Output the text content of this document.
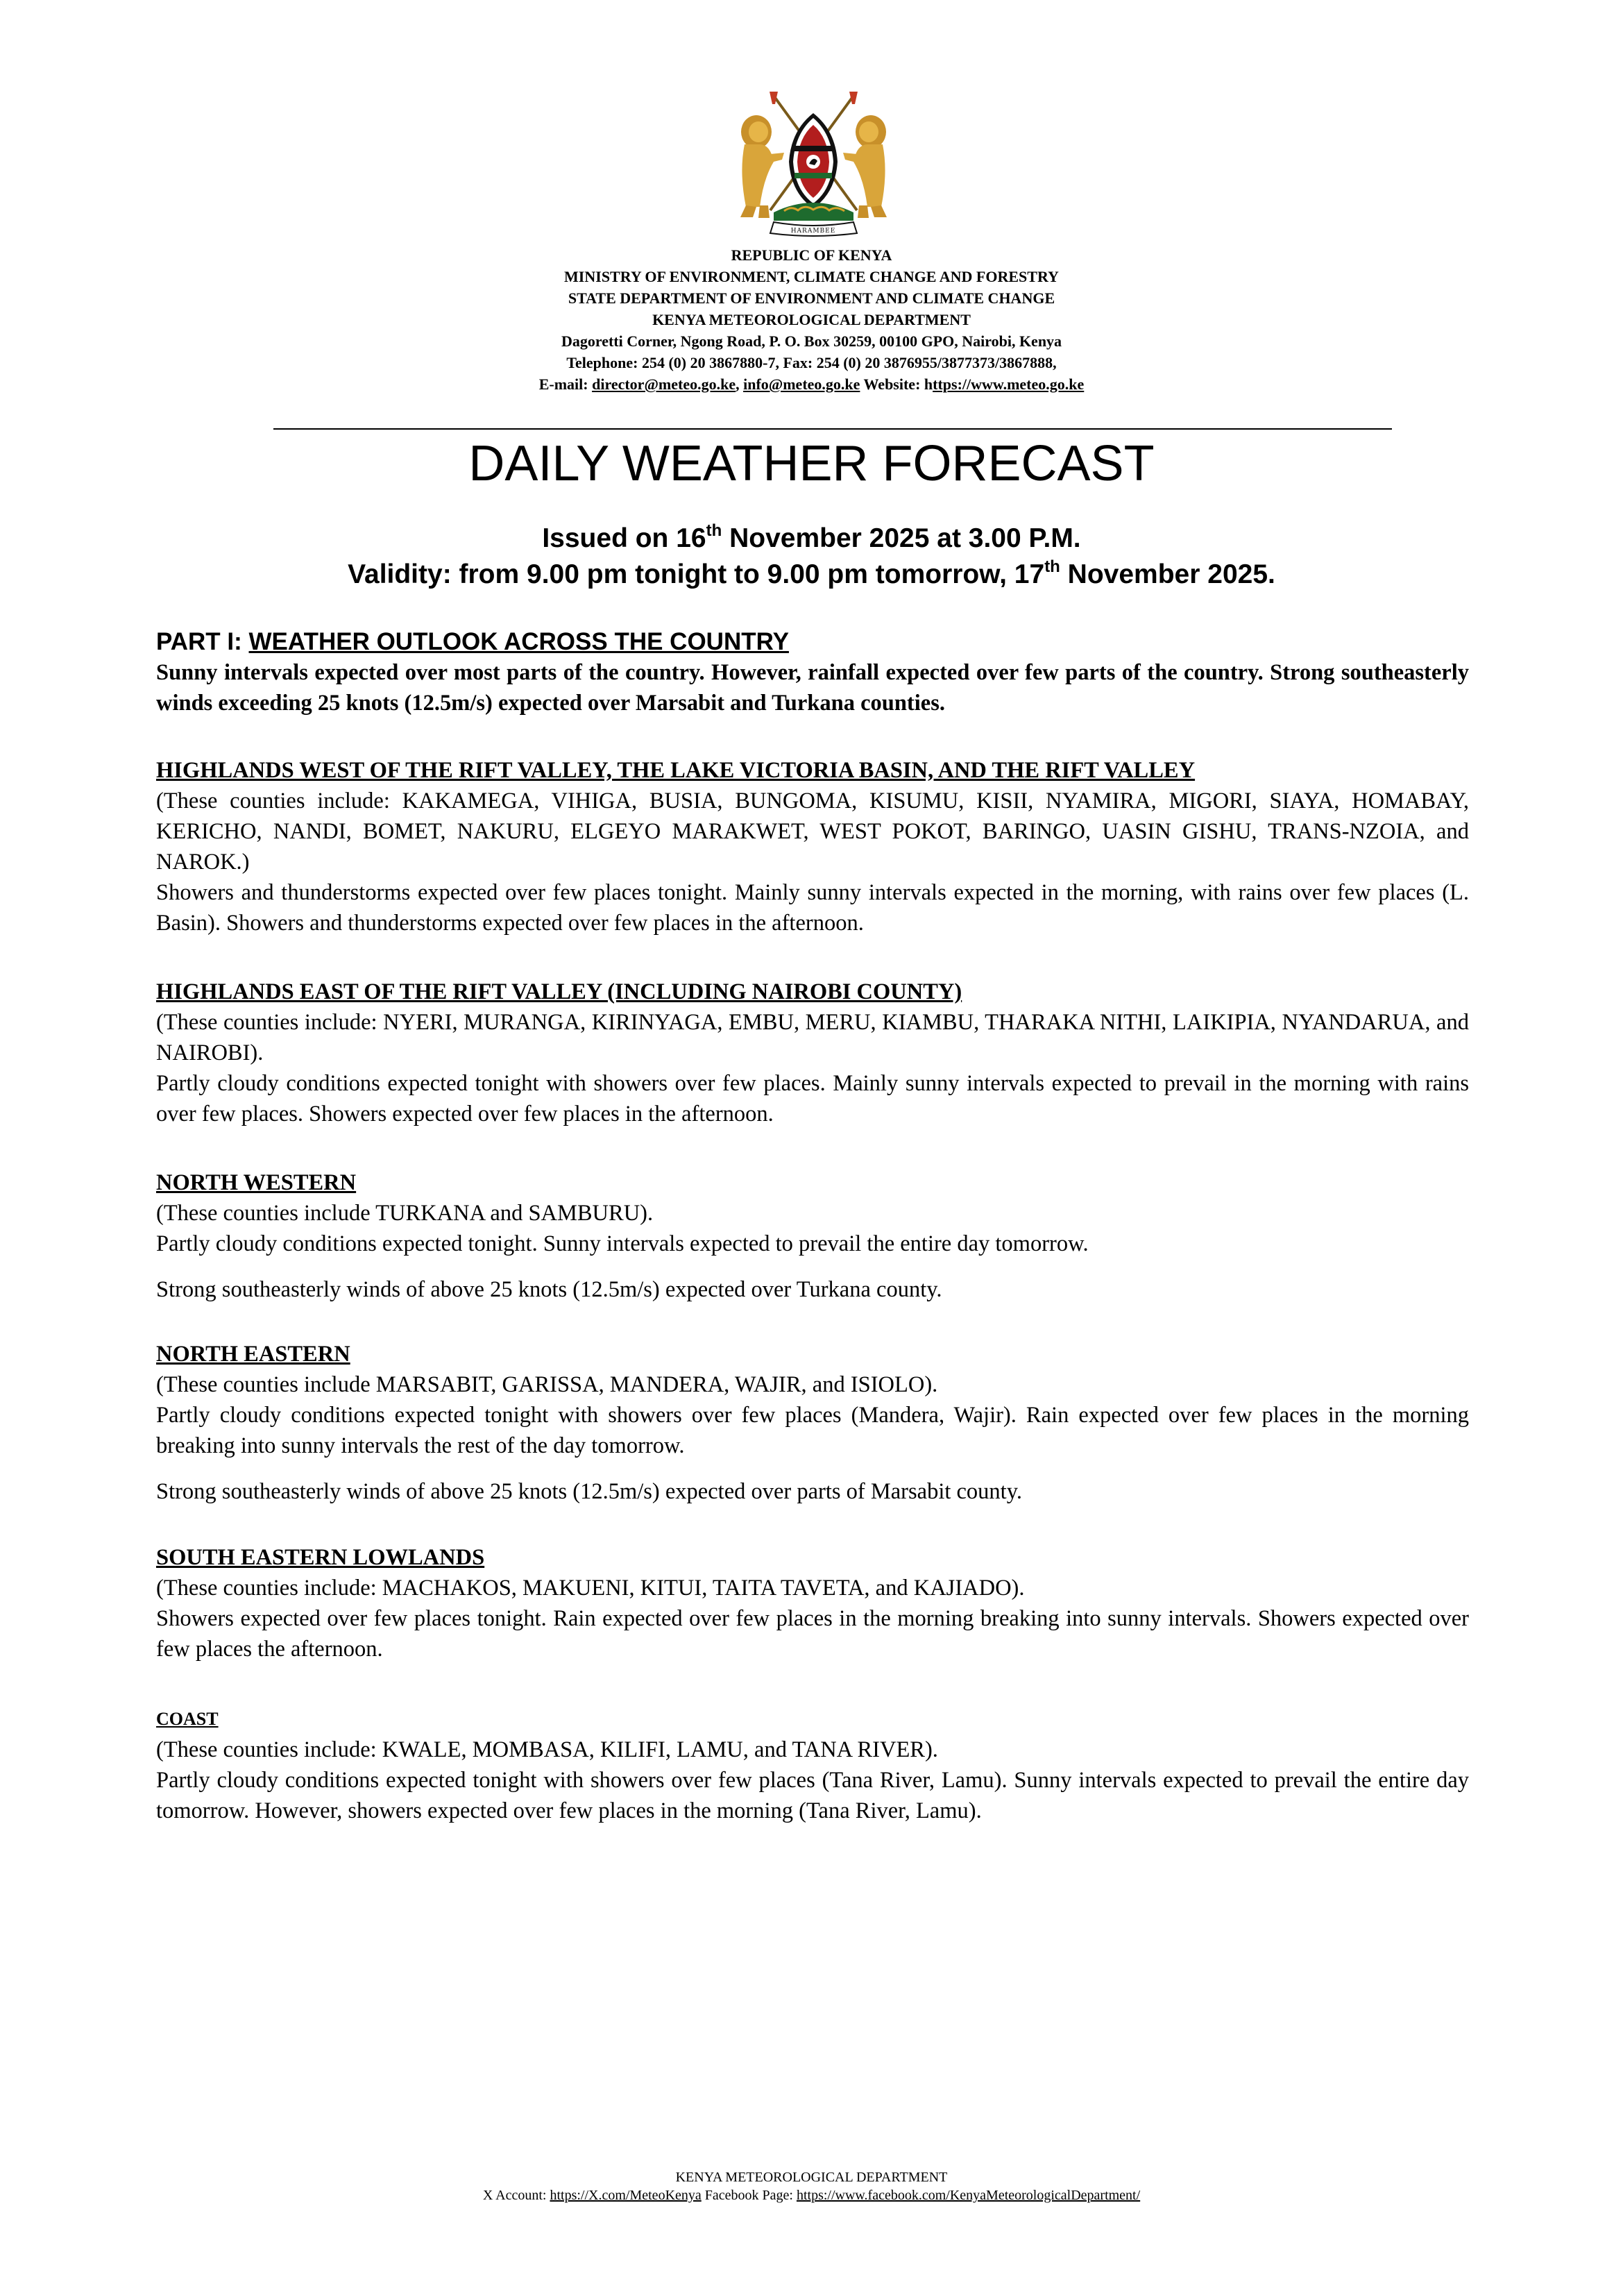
HARAMBEE
REPUBLIC OF KENYA
MINISTRY OF ENVIRONMENT, CLIMATE CHANGE AND FORESTRY
STATE DEPARTMENT OF ENVIRONMENT AND CLIMATE CHANGE
KENYA METEOROLOGICAL DEPARTMENT
Dagoretti Corner, Ngong Road, P. O. Box 30259, 00100 GPO, Nairobi, Kenya
Telephone: 254 (0) 20 3867880-7, Fax: 254 (0) 20 3876955/3877373/3867888,
E-mail: director@meteo.go.ke, info@meteo.go.ke Website: https://www.meteo.go.ke
DAILY WEATHER FORECAST
Issued on 16th November 2025 at 3.00 P.M.
Validity: from 9.00 pm tonight to 9.00 pm tomorrow, 17th November 2025.
PART I: WEATHER OUTLOOK ACROSS THE COUNTRY

Sunny intervals expected over most parts of the country. However, rainfall expected over few parts of the country. Strong southeasterly winds exceeding 25 knots (12.5m/s) expected over Marsabit and Turkana counties.

HIGHLANDS WEST OF THE RIFT VALLEY, THE LAKE VICTORIA BASIN, AND THE RIFT VALLEY

(These counties include: KAKAMEGA, VIHIGA, BUSIA, BUNGOMA, KISUMU, KISII, NYAMIRA, MIGORI, SIAYA, HOMABAY, KERICHO, NANDI, BOMET, NAKURU, ELGEYO MARAKWET, WEST POKOT, BARINGO, UASIN GISHU, TRANS-NZOIA, and NAROK.)

Showers and thunderstorms expected over few places tonight. Mainly sunny intervals expected in the morning, with rains over few places (L. Basin). Showers and thunderstorms expected over few places in the afternoon.

HIGHLANDS EAST OF THE RIFT VALLEY (INCLUDING NAIROBI COUNTY)

(These counties include: NYERI, MURANGA, KIRINYAGA, EMBU, MERU, KIAMBU, THARAKA NITHI, LAIKIPIA, NYANDARUA, and NAIROBI).

Partly cloudy conditions expected tonight with showers over few places. Mainly sunny intervals expected to prevail in the morning with rains over few places. Showers expected over few places in the afternoon.

NORTH WESTERN

(These counties include TURKANA and SAMBURU).

Partly cloudy conditions expected tonight. Sunny intervals expected to prevail the entire day tomorrow.

Strong southeasterly winds of above 25 knots (12.5m/s) expected over Turkana county.

NORTH EASTERN

(These counties include MARSABIT, GARISSA, MANDERA, WAJIR, and ISIOLO).

Partly cloudy conditions expected tonight with showers over few places (Mandera, Wajir). Rain expected over few places in the morning breaking into sunny intervals the rest of the day tomorrow.

Strong southeasterly winds of above 25 knots (12.5m/s) expected over parts of Marsabit county.

SOUTH EASTERN LOWLANDS

(These counties include: MACHAKOS, MAKUENI, KITUI, TAITA TAVETA, and KAJIADO).

Showers expected over few places tonight. Rain expected over few places in the morning breaking into sunny intervals. Showers expected over few places the afternoon.

COAST

(These counties include: KWALE, MOMBASA, KILIFI, LAMU, and TANA RIVER).

Partly cloudy conditions expected tonight with showers over few places (Tana River, Lamu). Sunny intervals expected to prevail the entire day tomorrow. However, showers expected over few places in the morning (Tana River, Lamu).

KENYA METEOROLOGICAL DEPARTMENT
X Account: https://X.com/MeteoKenya Facebook Page: https://www.facebook.com/KenyaMeteorologicalDepartment/
